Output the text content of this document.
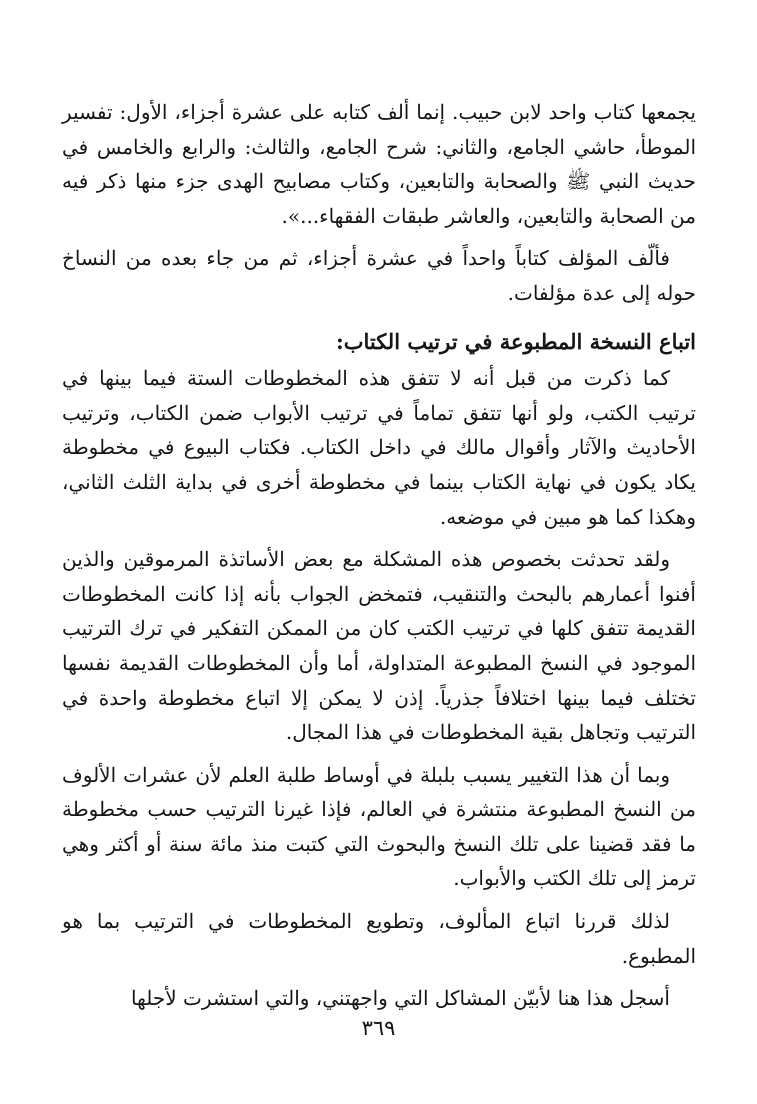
يجمعها كتاب واحد لابن حبيب. إنما ألف كتابه على عشرة أجزاء، الأول: تفسير الموطأ، حاشي الجامع، والثاني: شرح الجامع، والثالث: والرابع والخامس في حديث النبي ﷺ والصحابة والتابعين، وكتاب مصابيح الهدى جزء منها ذكر فيه من الصحابة والتابعين، والعاشر طبقات الفقهاء...».

فألّف المؤلف كتاباً واحداً في عشرة أجزاء، ثم من جاء بعده من النساخ حوله إلى عدة مؤلفات.

اتباع النسخة المطبوعة في ترتيب الكتاب:

كما ذكرت من قبل أنه لا تتفق هذه المخطوطات الستة فيما بينها في ترتيب الكتب، ولو أنها تتفق تماماً في ترتيب الأبواب ضمن الكتاب، وترتيب الأحاديث والآثار وأقوال مالك في داخل الكتاب. فكتاب البيوع في مخطوطة يكاد يكون في نهاية الكتاب بينما في مخطوطة أخرى في بداية الثلث الثاني، وهكذا كما هو مبين في موضعه.

ولقد تحدثت بخصوص هذه المشكلة مع بعض الأساتذة المرموقين والذين أفنوا أعمارهم بالبحث والتنقيب، فتمخض الجواب بأنه إذا كانت المخطوطات القديمة تتفق كلها في ترتيب الكتب كان من الممكن التفكير في ترك الترتيب الموجود في النسخ المطبوعة المتداولة، أما وأن المخطوطات القديمة نفسها تختلف فيما بينها اختلافاً جذرياً. إذن لا يمكن إلا اتباع مخطوطة واحدة في الترتيب وتجاهل بقية المخطوطات في هذا المجال.

وبما أن هذا التغيير يسبب بلبلة في أوساط طلبة العلم لأن عشرات الألوف من النسخ المطبوعة منتشرة في العالم، فإذا غيرنا الترتيب حسب مخطوطة ما فقد قضينا على تلك النسخ والبحوث التي كتبت منذ مائة سنة أو أكثر وهي ترمز إلى تلك الكتب والأبواب.

لذلك قررنا اتباع المألوف، وتطويع المخطوطات في الترتيب بما هو المطبوع.

أسجل هذا هنا لأبيّن المشاكل التي واجهتني، والتي استشرت لأجلها

٣٦٩
